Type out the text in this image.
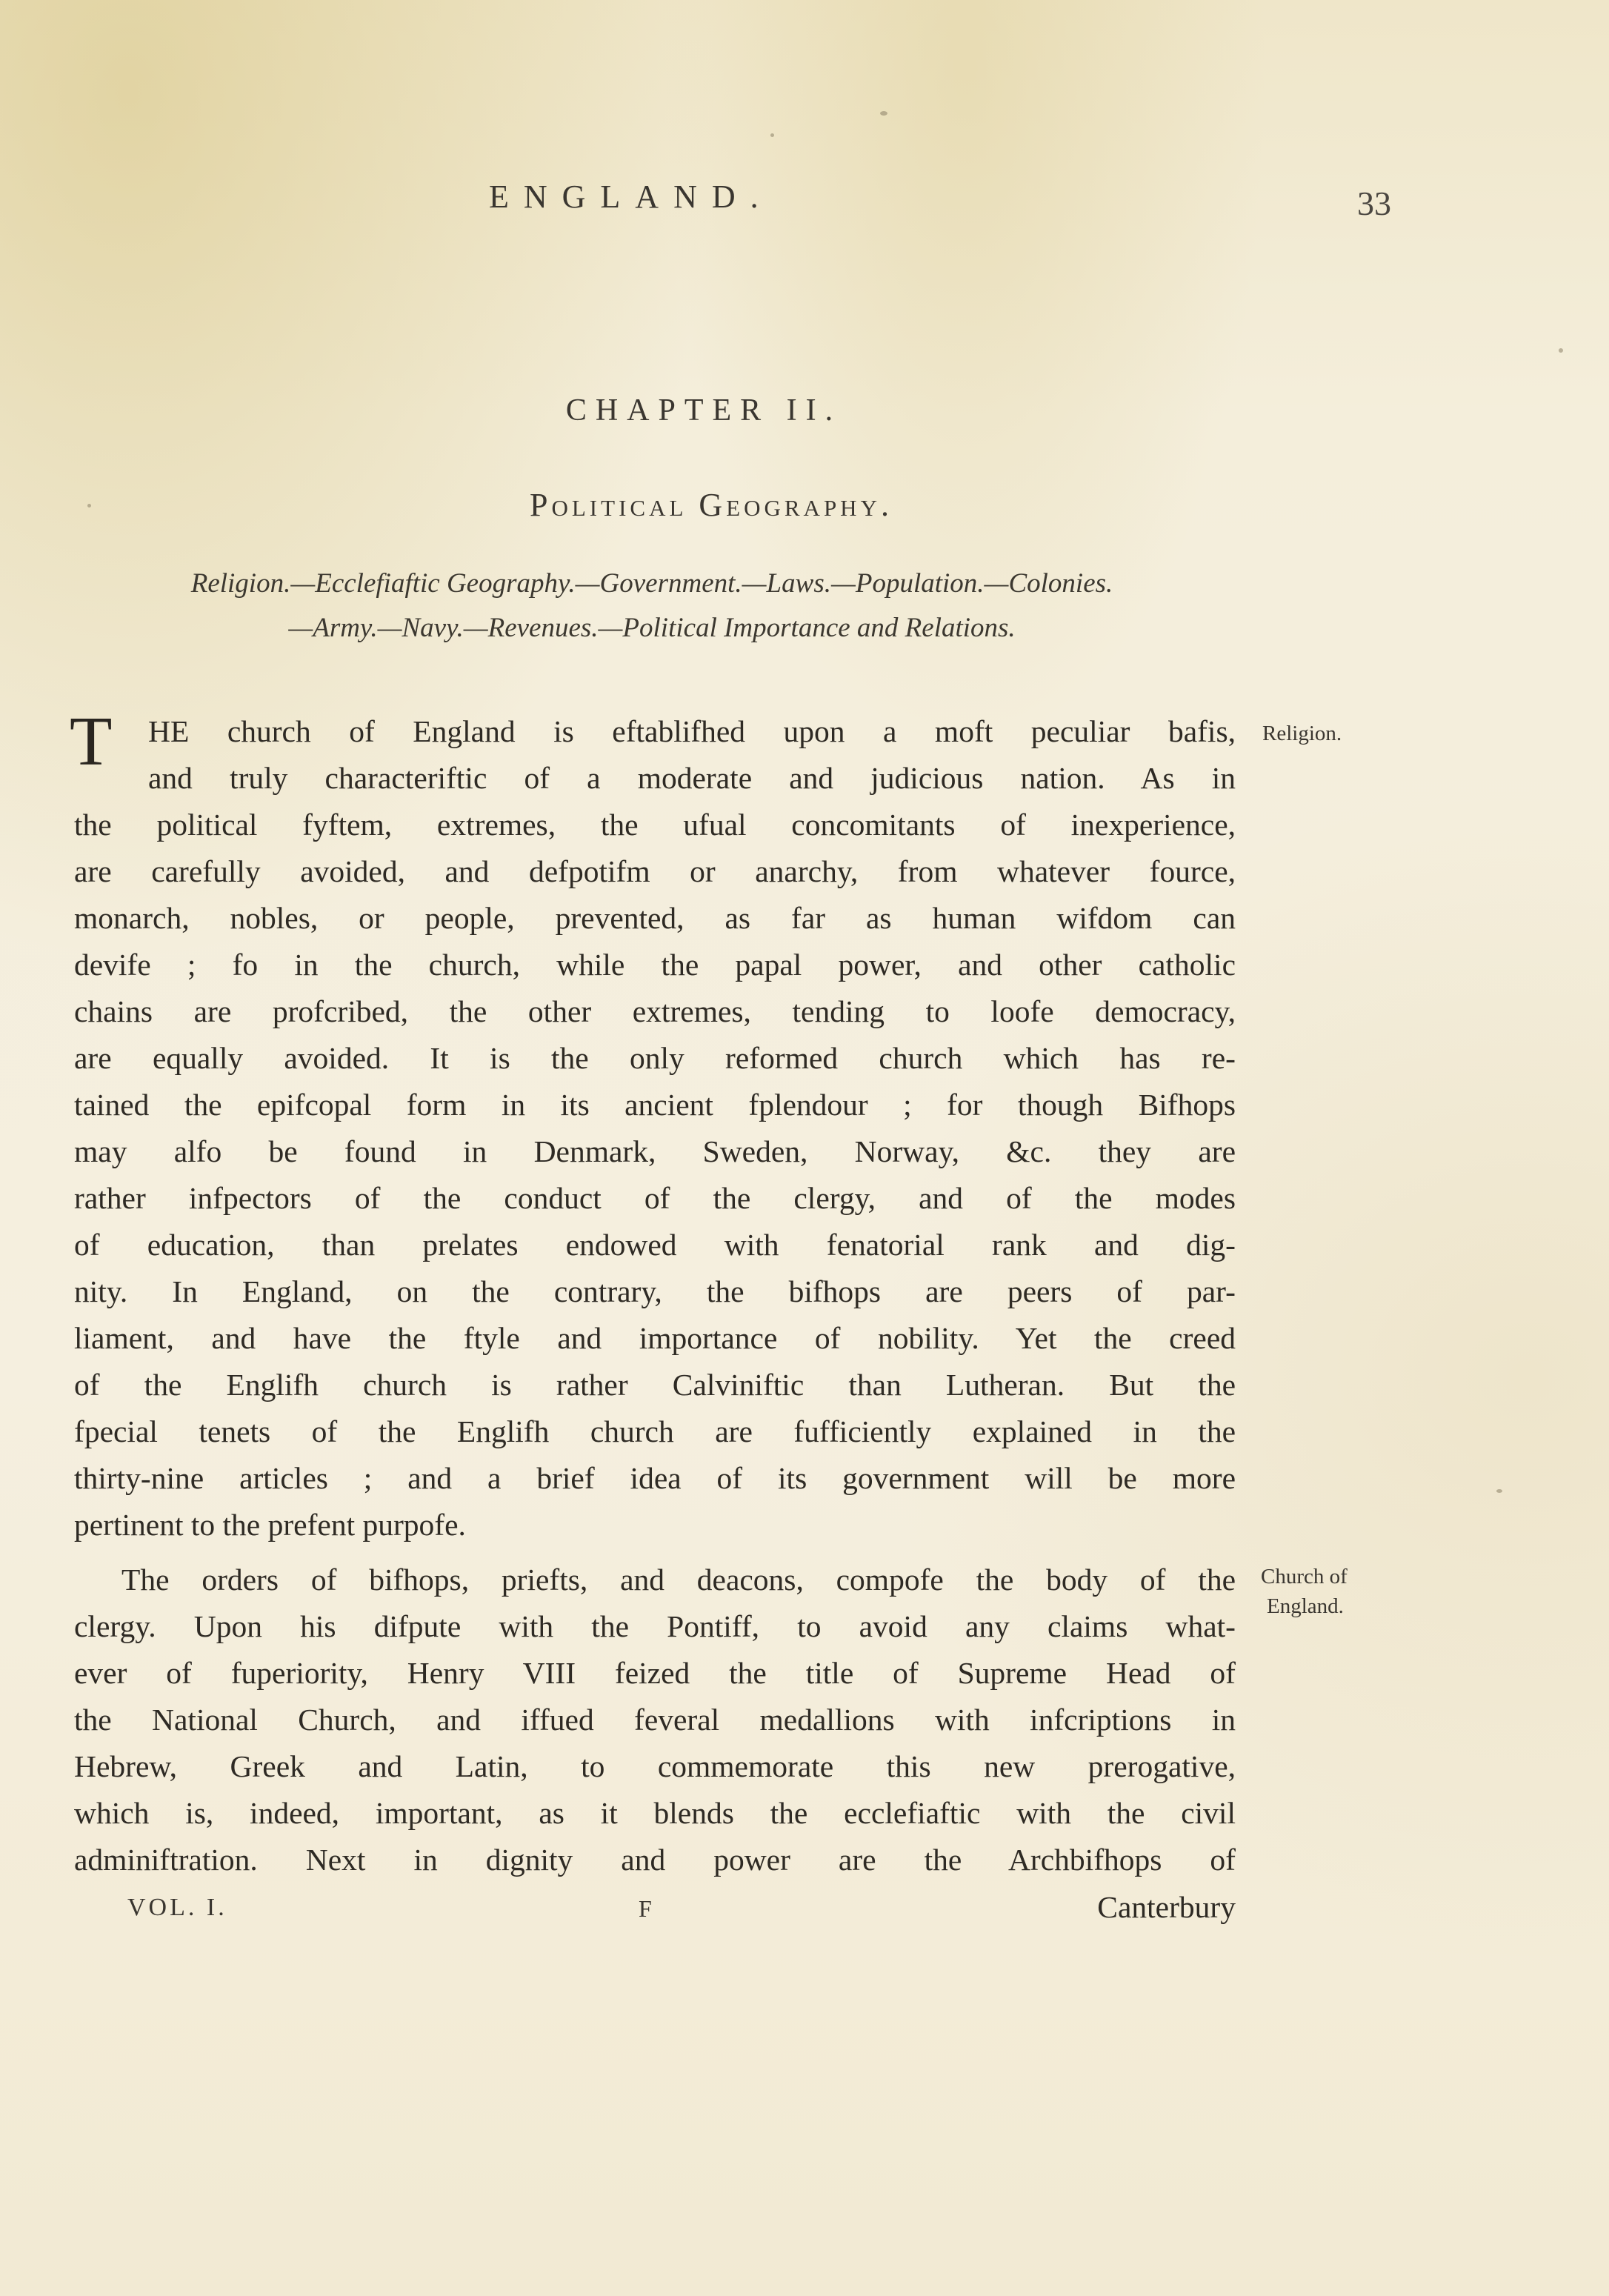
ENGLAND.	33
CHAPTER II.
Political Geography.
Religion.—Ecclefiaftic Geography.—Government.—Laws.—Population.—Colonies.
—Army.—Navy.—Revenues.—Political Importance and Relations.
T HE church of England is eftablifhed upon a moft peculiar bafis,
and truly characteriftic of a moderate and judicious nation. As in
the political fyftem, extremes, the ufual concomitants of inexperience,
are carefully avoided, and defpotifm or anarchy, from whatever fource,
monarch, nobles, or people, prevented, as far as human wifdom can
devife ; fo in the church, while the papal power, and other catholic
chains are profcribed, the other extremes, tending to loofe democracy,
are equally avoided. It is the only reformed church which has re-
tained the epifcopal form in its ancient fplendour ; for though Bifhops
may alfo be found in Denmark, Sweden, Norway, &c. they are
rather infpectors of the conduct of the clergy, and of the modes
of education, than prelates endowed with fenatorial rank and dig-
nity. In England, on the contrary, the bifhops are peers of par-
liament, and have the ftyle and importance of nobility. Yet the creed
of the Englifh church is rather Calviniftic than Lutheran. But the
fpecial tenets of the Englifh church are fufficiently explained in the
thirty-nine articles ; and a brief idea of its government will be more
pertinent to the prefent purpofe.
The orders of bifhops, priefts, and deacons, compofe the body of the
clergy. Upon his difpute with the Pontiff, to avoid any claims what-
ever of fuperiority, Henry VIII feized the title of Supreme Head of
the National Church, and iffued feveral medallions with infcriptions in
Hebrew, Greek and Latin, to commemorate this new prerogative,
which is, indeed, important, as it blends the ecclefiaftic with the civil
adminiftration. Next in dignity and power are the Archbifhops of
Religion.
Church of
England.
VOL. I.	F	Canterbury
